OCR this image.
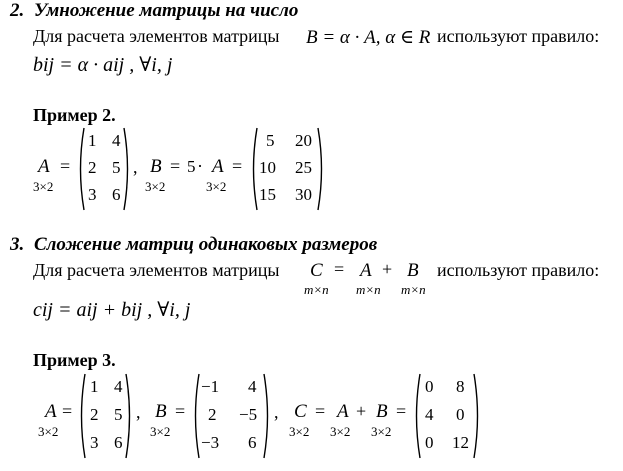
2. Умножение матрицы на число
Для расчета элементов матрицы B = α · A, α ∈ R используют правило:
bij = α · aij , ∀i, j
Пример 2.
A
3×2
=
1 4
2 5
3 6
, B
3×2
= 5 · A
3×2
=
5 20
10 25
15 30
3. Сложение матриц одинаковых размеров
Для расчета элементов матрицы C
m×n
= A
m×n
+ B
m×n
используют правило:
cij = aij + bij , ∀i, j
Пример 3.
A
3×2
=
1 4
2 5
3 6
, B
3×2
=
−1 4
2 −5
−3 6
, C
3×2
= A
3×2
+ B
3×2
=
0 8
4 0
0 12
